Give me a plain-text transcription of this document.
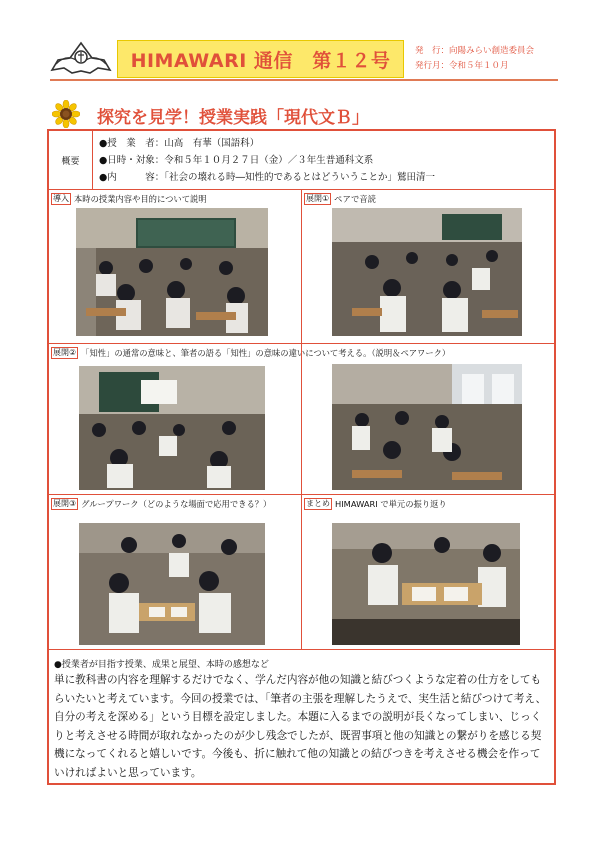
HIMAWARI 通信　第１２号	発　行：向陽みらい創造委員会
発行月：令和５年１０月
探究を見学！授業実践「現代文Ｂ」
概要
●授　業　者：山高　有華（国語科）
●日時・対象：令和５年１０月２７日（金）／３年生普通科文系
●内　　　容：「社会の壊れる時―知性的であるとはどういうことか」鷲田清一
導入 本時の授業内容や目的について説明	展開① ペアで音読
展開② 「知性」の通常の意味と、筆者の語る「知性」の意味の違いについて考える。（説明＆ペアワーク）
展開③ グループワーク（どのような場面で応用できる？）	まとめ HIMAWARI で単元の振り返り
●授業者が目指す授業、成果と展望、本時の感想など
単に教科書の内容を理解するだけでなく、学んだ内容が他の知識と結びつくような定着の仕方をしてもらいたいと考えています。今回の授業では、「筆者の主張を理解したうえで、実生活と結びつけて考え、自分の考えを深める」という目標を設定しました。本題に入るまでの説明が長くなってしまい、じっくりと考えさせる時間が取れなかったのが少し残念でしたが、既習事項と他の知識との繋がりを感じる契機になってくれると嬉しいです。今後も、折に触れて他の知識との結びつきを考えさせる機会を作っていければよいと思っています。
